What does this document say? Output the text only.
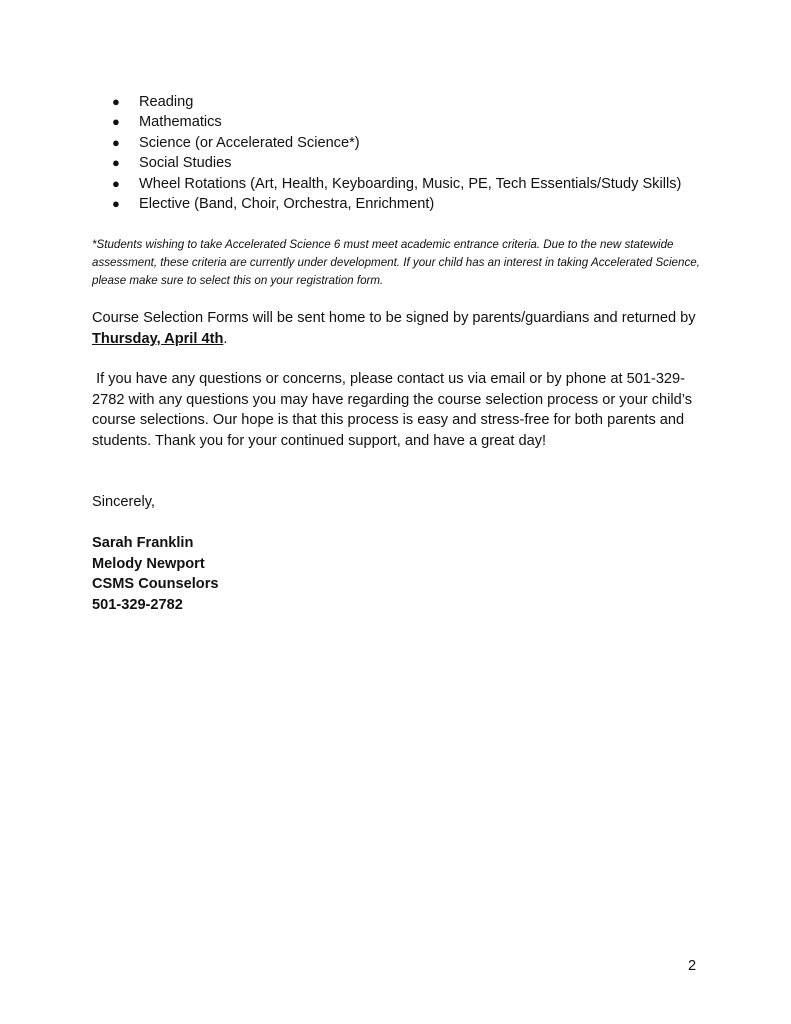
● Reading
● Mathematics
● Science (or Accelerated Science*)
● Social Studies
● Wheel Rotations (Art, Health, Keyboarding, Music, PE, Tech Essentials/Study Skills)
● Elective (Band, Choir, Orchestra, Enrichment)

*Students wishing to take Accelerated Science 6 must meet academic entrance criteria. Due to the new statewide assessment, these criteria are currently under development. If your child has an interest in taking Accelerated Science, please make sure to select this on your registration form.

Course Selection Forms will be sent home to be signed by parents/guardians and returned by Thursday, April 4th.

If you have any questions or concerns, please contact us via email or by phone at 501-329-2782 with any questions you may have regarding the course selection process or your child’s course selections. Our hope is that this process is easy and stress-free for both parents and students. Thank you for your continued support, and have a great day!

Sincerely,

Sarah Franklin
Melody Newport
CSMS Counselors
501-329-2782
2
